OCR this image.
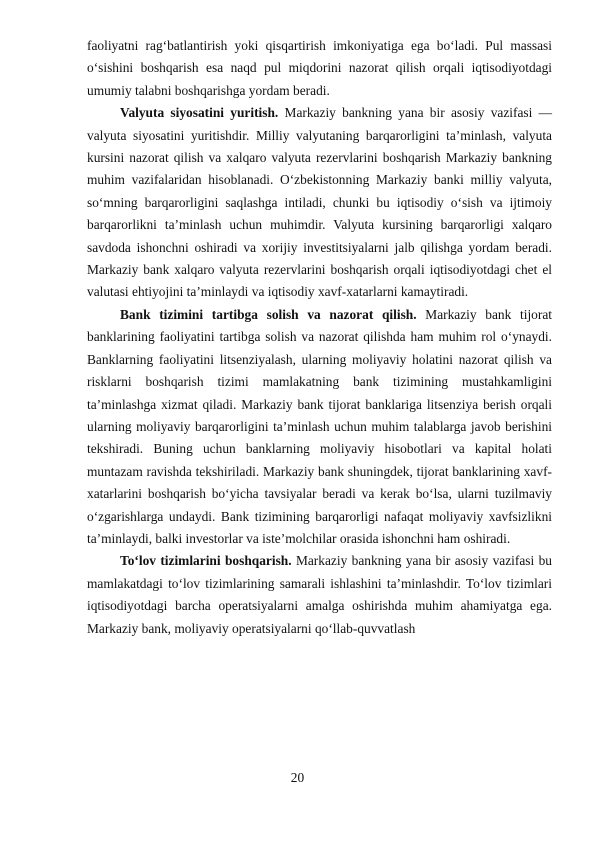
faoliyatni rag‘batlantirish yoki qisqartirish imkoniyatiga ega bo‘ladi. Pul massasi o‘sishini boshqarish esa naqd pul miqdorini nazorat qilish orqali iqtisodiyotdagi umumiy talabni boshqarishga yordam beradi.

Valyuta siyosatini yuritish. Markaziy bankning yana bir asosiy vazifasi — valyuta siyosatini yuritishdir. Milliy valyutaning barqarorligini ta’minlash, valyuta kursini nazorat qilish va xalqaro valyuta rezervlarini boshqarish Markaziy bankning muhim vazifalaridan hisoblanadi. O‘zbekistonning Markaziy banki milliy valyuta, so‘mning barqarorligini saqlashga intiladi, chunki bu iqtisodiy o‘sish va ijtimoiy barqarorlikni ta’minlash uchun muhimdir. Valyuta kursining barqarorligi xalqaro savdoda ishonchni oshiradi va xorijiy investitsiyalarni jalb qilishga yordam beradi. Markaziy bank xalqaro valyuta rezervlarini boshqarish orqali iqtisodiyotdagi chet el valutasi ehtiyojini ta’minlaydi va iqtisodiy xavf-xatarlarni kamaytiradi.

Bank tizimini tartibga solish va nazorat qilish. Markaziy bank tijorat banklarining faoliyatini tartibga solish va nazorat qilishda ham muhim rol o‘ynaydi. Banklarning faoliyatini litsenziyalash, ularning moliyaviy holatini nazorat qilish va risklarni boshqarish tizimi mamlakatning bank tizimining mustahkamligini ta’minlashga xizmat qiladi. Markaziy bank tijorat banklariga litsenziya berish orqali ularning moliyaviy barqarorligini ta’minlash uchun muhim talablarga javob berishini tekshiradi. Buning uchun banklarning moliyaviy hisobotlari va kapital holati muntazam ravishda tekshiriladi. Markaziy bank shuningdek, tijorat banklarining xavf-xatarlarini boshqarish bo‘yicha tavsiyalar beradi va kerak bo‘lsa, ularni tuzilmaviy o‘zgarishlarga undaydi. Bank tizimining barqarorligi nafaqat moliyaviy xavfsizlikni ta’minlaydi, balki investorlar va iste’molchilar orasida ishonchni ham oshiradi.

To‘lov tizimlarini boshqarish. Markaziy bankning yana bir asosiy vazifasi bu mamlakatdagi to‘lov tizimlarining samarali ishlashini ta’minlashdir. To‘lov tizimlari iqtisodiyotdagi barcha operatsiyalarni amalga oshirishda muhim ahamiyatga ega. Markaziy bank, moliyaviy operatsiyalarni qo‘llab-quvvatlash

20
